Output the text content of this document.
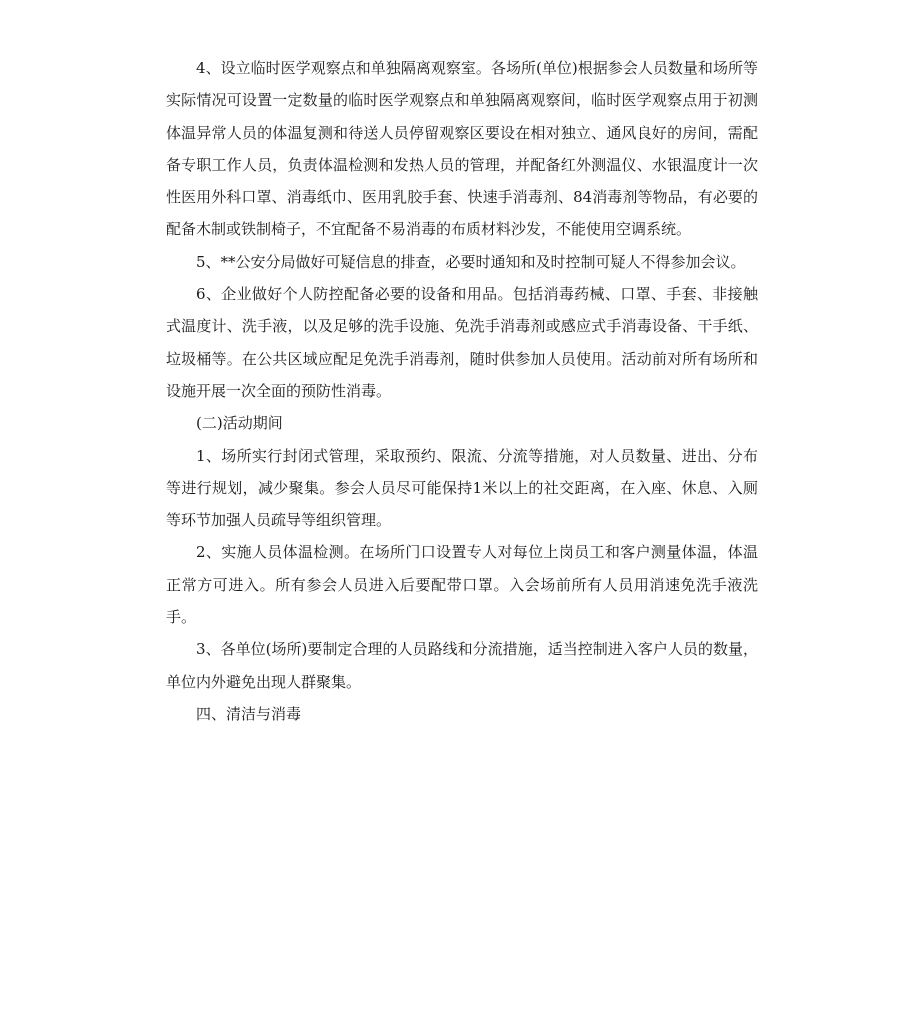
4、设立临时医学观察点和单独隔离观察室。各场所(单位)根据参会人员数量和场所等实际情况可设置一定数量的临时医学观察点和单独隔离观察间，临时医学观察点用于初测体温异常人员的体温复测和待送人员停留观察区要设在相对独立、通风良好的房间，需配备专职工作人员，负责体温检测和发热人员的管理，并配备红外测温仪、水银温度计一次性医用外科口罩、消毒纸巾、医用乳胶手套、快速手消毒剂、84消毒剂等物品，有必要的配备木制或铁制椅子，不宜配备不易消毒的布质材料沙发，不能使用空调系统。

5、**公安分局做好可疑信息的排查，必要时通知和及时控制可疑人不得参加会议。

6、企业做好个人防控配备必要的设备和用品。包括消毒药械、口罩、手套、非接触式温度计、洗手液，以及足够的洗手设施、免洗手消毒剂或感应式手消毒设备、干手纸、垃圾桶等。在公共区域应配足免洗手消毒剂，随时供参加人员使用。活动前对所有场所和设施开展一次全面的预防性消毒。

(二)活动期间

1、场所实行封闭式管理，采取预约、限流、分流等措施，对人员数量、进出、分布等进行规划，减少聚集。参会人员尽可能保持1米以上的社交距离，在入座、休息、入厕等环节加强人员疏导等组织管理。

2、实施人员体温检测。在场所门口设置专人对每位上岗员工和客户测量体温，体温正常方可进入。所有参会人员进入后要配带口罩。入会场前所有人员用消速免洗手液洗手。

3、各单位(场所)要制定合理的人员路线和分流措施，适当控制进入客户人员的数量，单位内外避免出现人群聚集。

四、清洁与消毒
